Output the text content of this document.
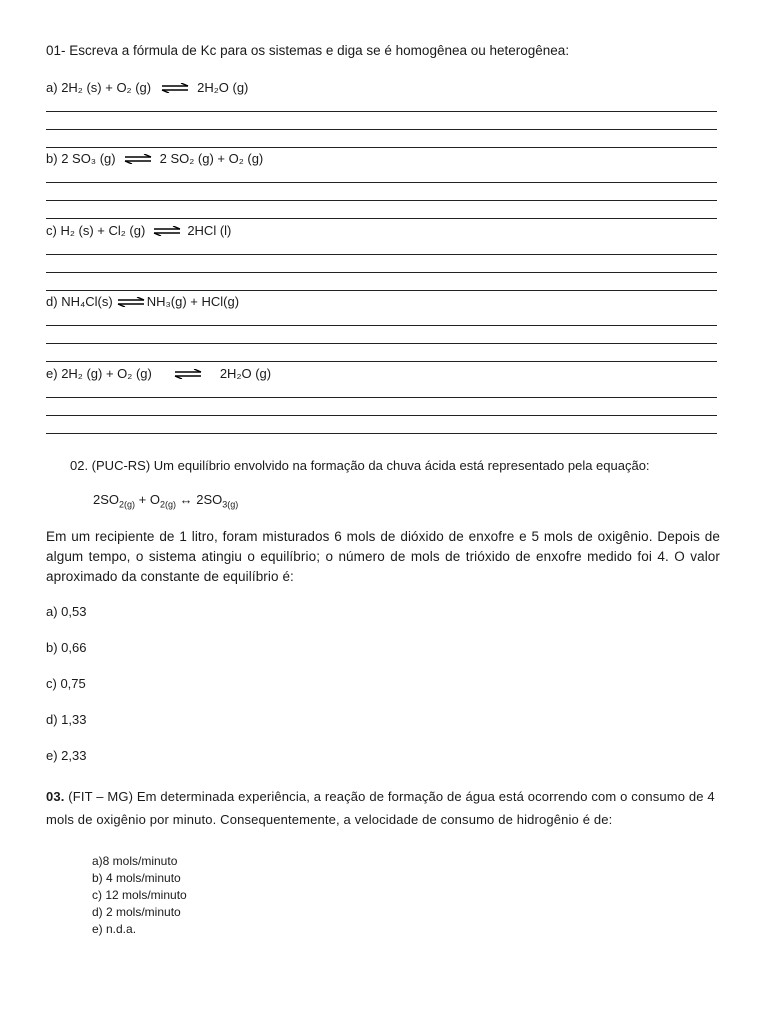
01- Escreva a fórmula de Kc para os sistemas e diga se é homogênea ou heterogênea:
a)
2H₂ (s) + O₂ (g) ⇌ 2H₂O (g)
b)
2 SO₃ (g) ⇌ 2 SO₂ (g) + O₂ (g)
c)
H₂ (s) + Cl₂ (g) ⇌ 2HCl (l)
d)
NH₄Cl(s) ⇌ NH₃(g) + HCl(g)
e)
2H₂ (g) + O₂ (g) ⇌ 2H₂O (g)
02. (PUC-RS) Um equilíbrio envolvido na formação da chuva ácida está representado pela equação:
$2SO_{2(g)} + O_{2(g)}$ ↔ $2SO_{3(g)}$
Em um recipiente de 1 litro, foram misturados 6 mols de dióxido de enxofre e 5 mols de oxigênio. Depois de algum tempo, o sistema atingiu o equilíbrio; o número de mols de trióxido de enxofre medido foi 4. O valor aproximado da constante de equilíbrio é:
a) 0,53
b) 0,66
c) 0,75
d) 1,33
e) 2,33
03. (FIT – MG) Em determinada experiência, a reação de formação de água está ocorrendo com o consumo de 4 mols de oxigênio por minuto. Consequentemente, a velocidade de consumo de hidrogênio é de:
a)8 mols/minuto
b) 4 mols/minuto
c) 12 mols/minuto
d) 2 mols/minuto
e) n.d.a.
